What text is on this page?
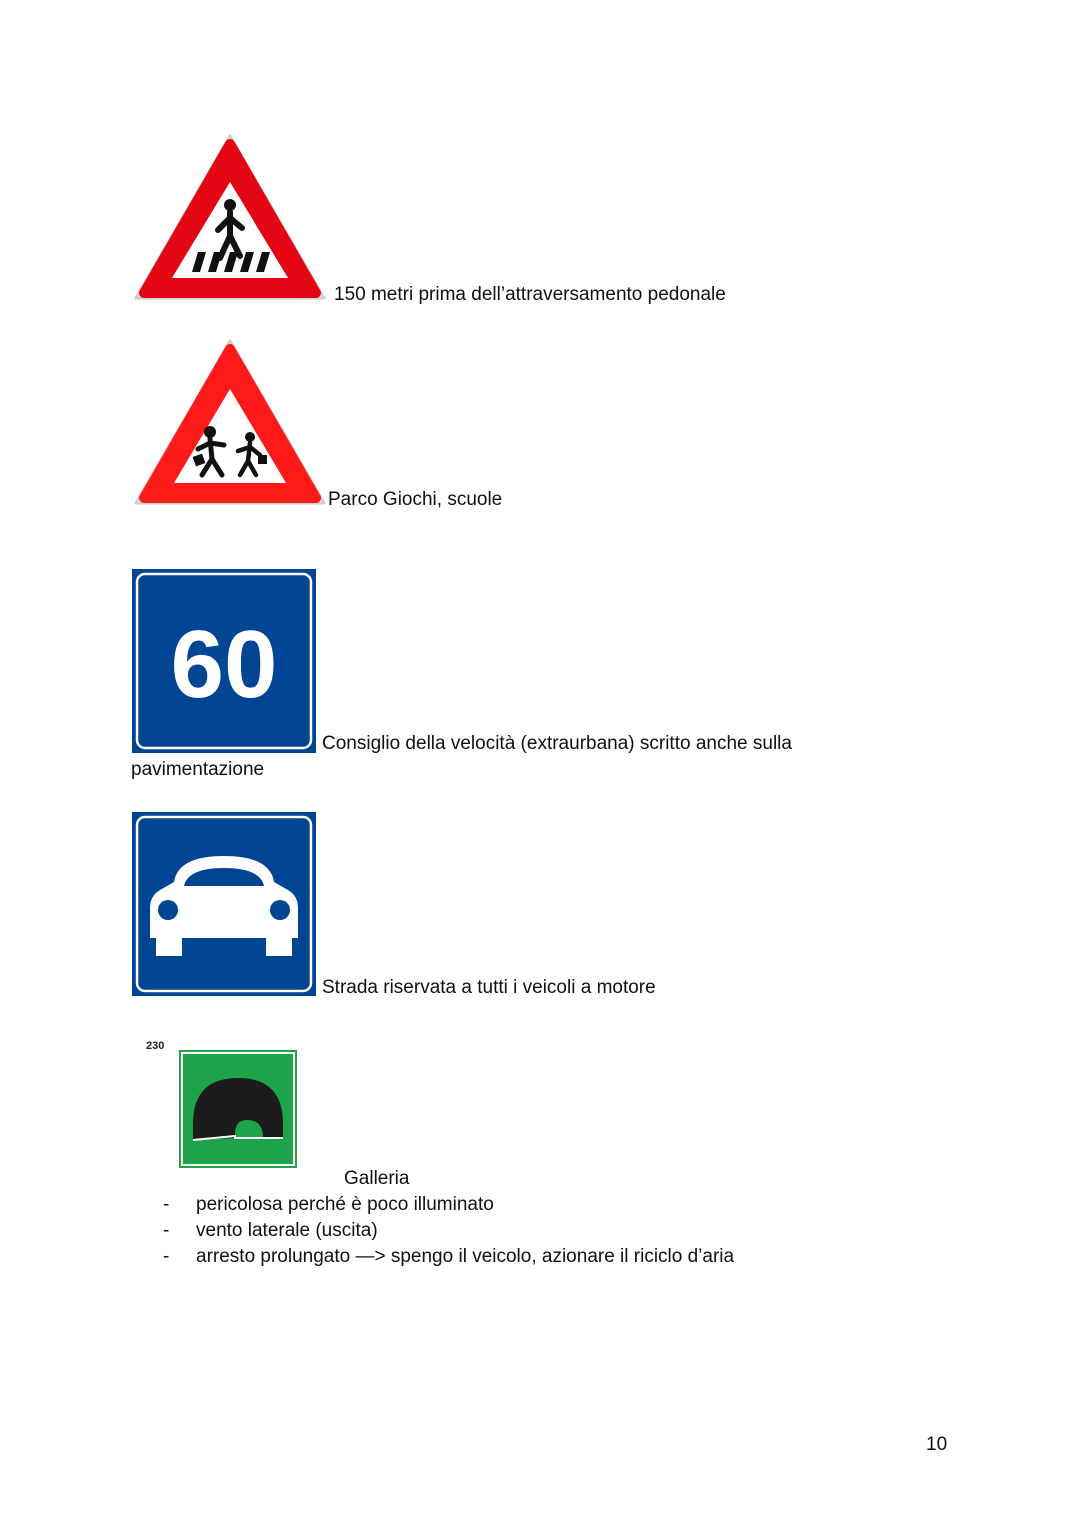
150 metri prima dell’attraversamento pedonale
Parco Giochi, scuole
60
Consiglio della velocità (extraurbana) scritto anche sulla
pavimentazione
Strada riservata a tutti i veicoli a motore
230
Galleria
- pericolosa perché è poco illuminato
- vento laterale (uscita)
- arresto prolungato —> spengo il veicolo, azionare il riciclo d’aria
10
